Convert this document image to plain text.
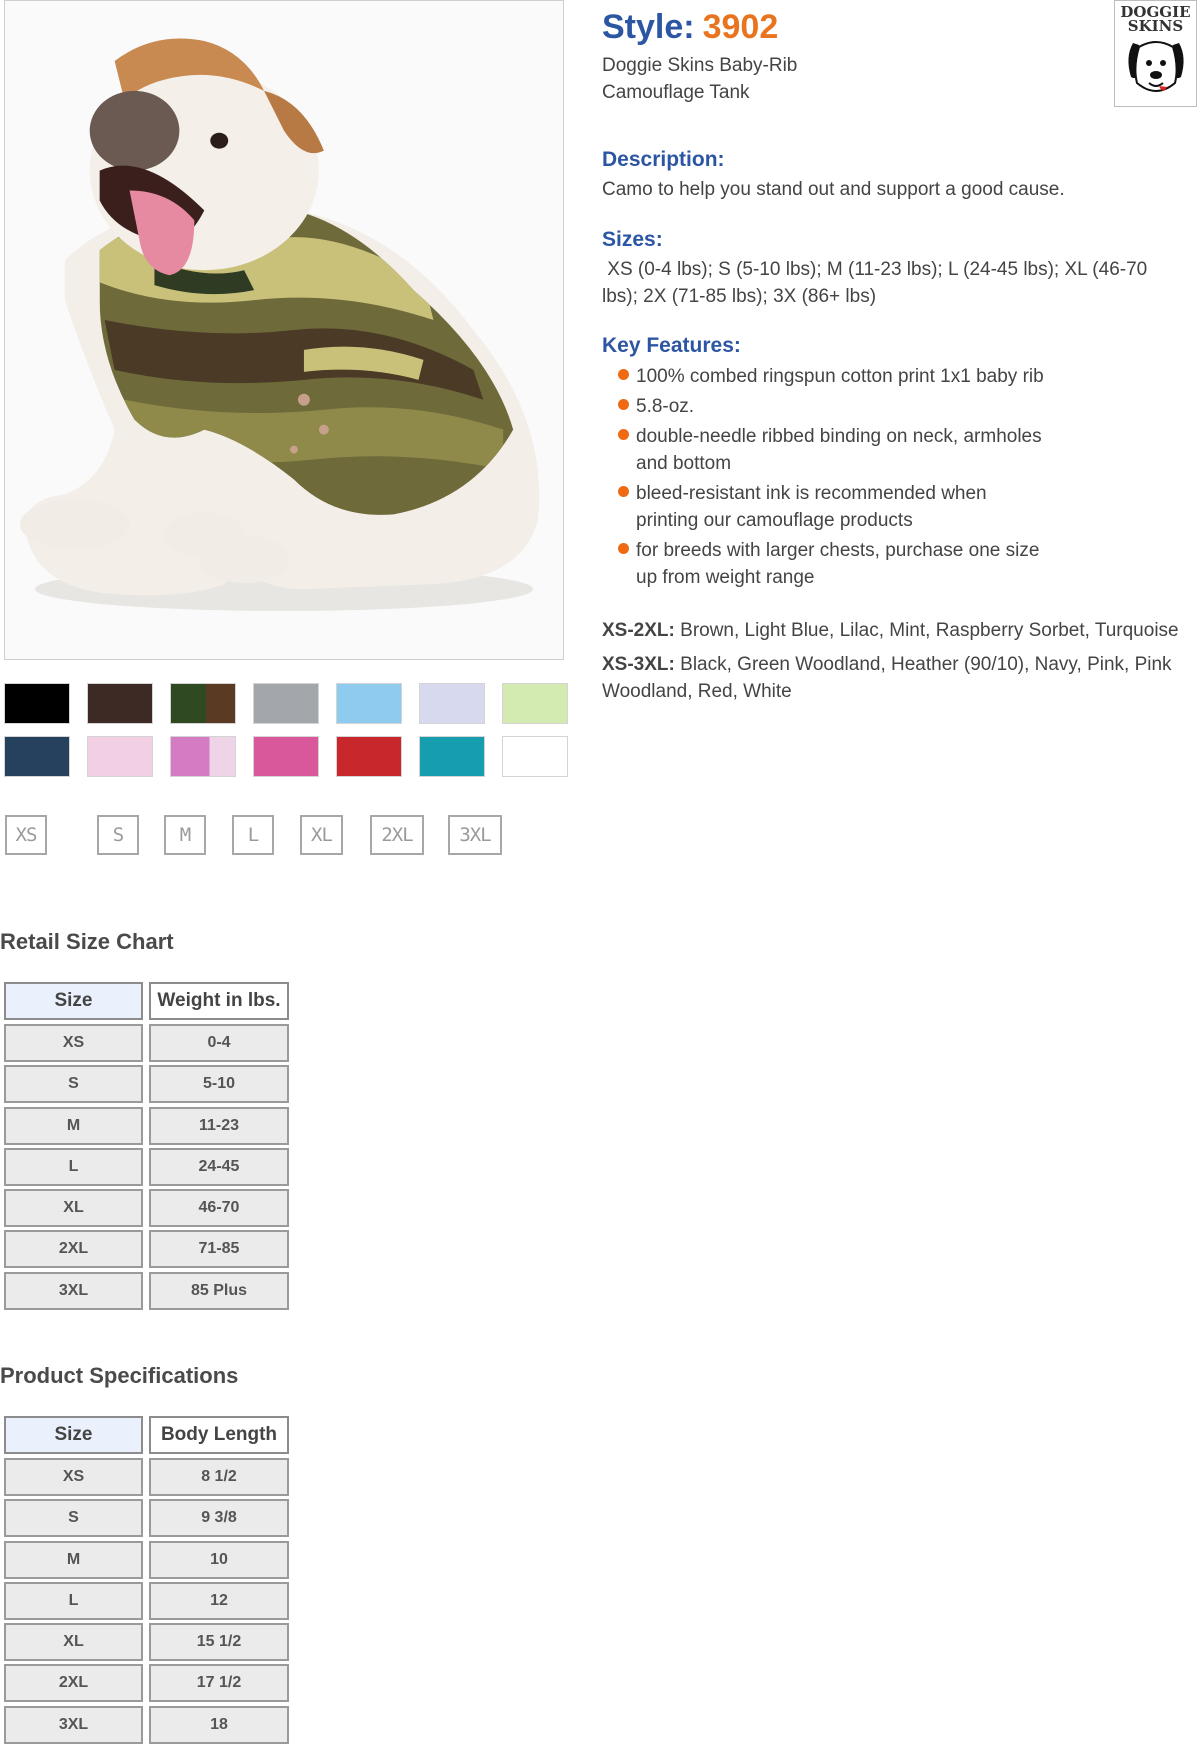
XS	S	M	L	XL	2XL	3XL
Style: 3902
Doggie Skins Baby-Rib Camouflage Tank
DOGGIE
SKINS
Description:
Camo to help you stand out and support a good cause.
Sizes:
XS (0-4 lbs); S (5-10 lbs); M (11-23 lbs); L (24-45 lbs); XL (46-70 lbs); 2X (71-85 lbs); 3X (86+ lbs)
Key Features:
100% combed ringspun cotton print 1x1 baby rib
5.8-oz.
double-needle ribbed binding on neck, armholes and bottom
bleed-resistant ink is recommended when printing our camouflage products
for breeds with larger chests, purchase one size up from weight range
XS-2XL: Brown, Light Blue, Lilac, Mint, Raspberry Sorbet, Turquoise
XS-3XL: Black, Green Woodland, Heather (90/10), Navy, Pink, Pink Woodland, Red, White
Retail Size Chart
Size	Weight in lbs.
XS	0-4
S	5-10
M	11-23
L	24-45
XL	46-70
2XL	71-85
3XL	85 Plus
Product Specifications
Size	Body Length
XS	8 1/2
S	9 3/8
M	10
L	12
XL	15 1/2
2XL	17 1/2
3XL	18
